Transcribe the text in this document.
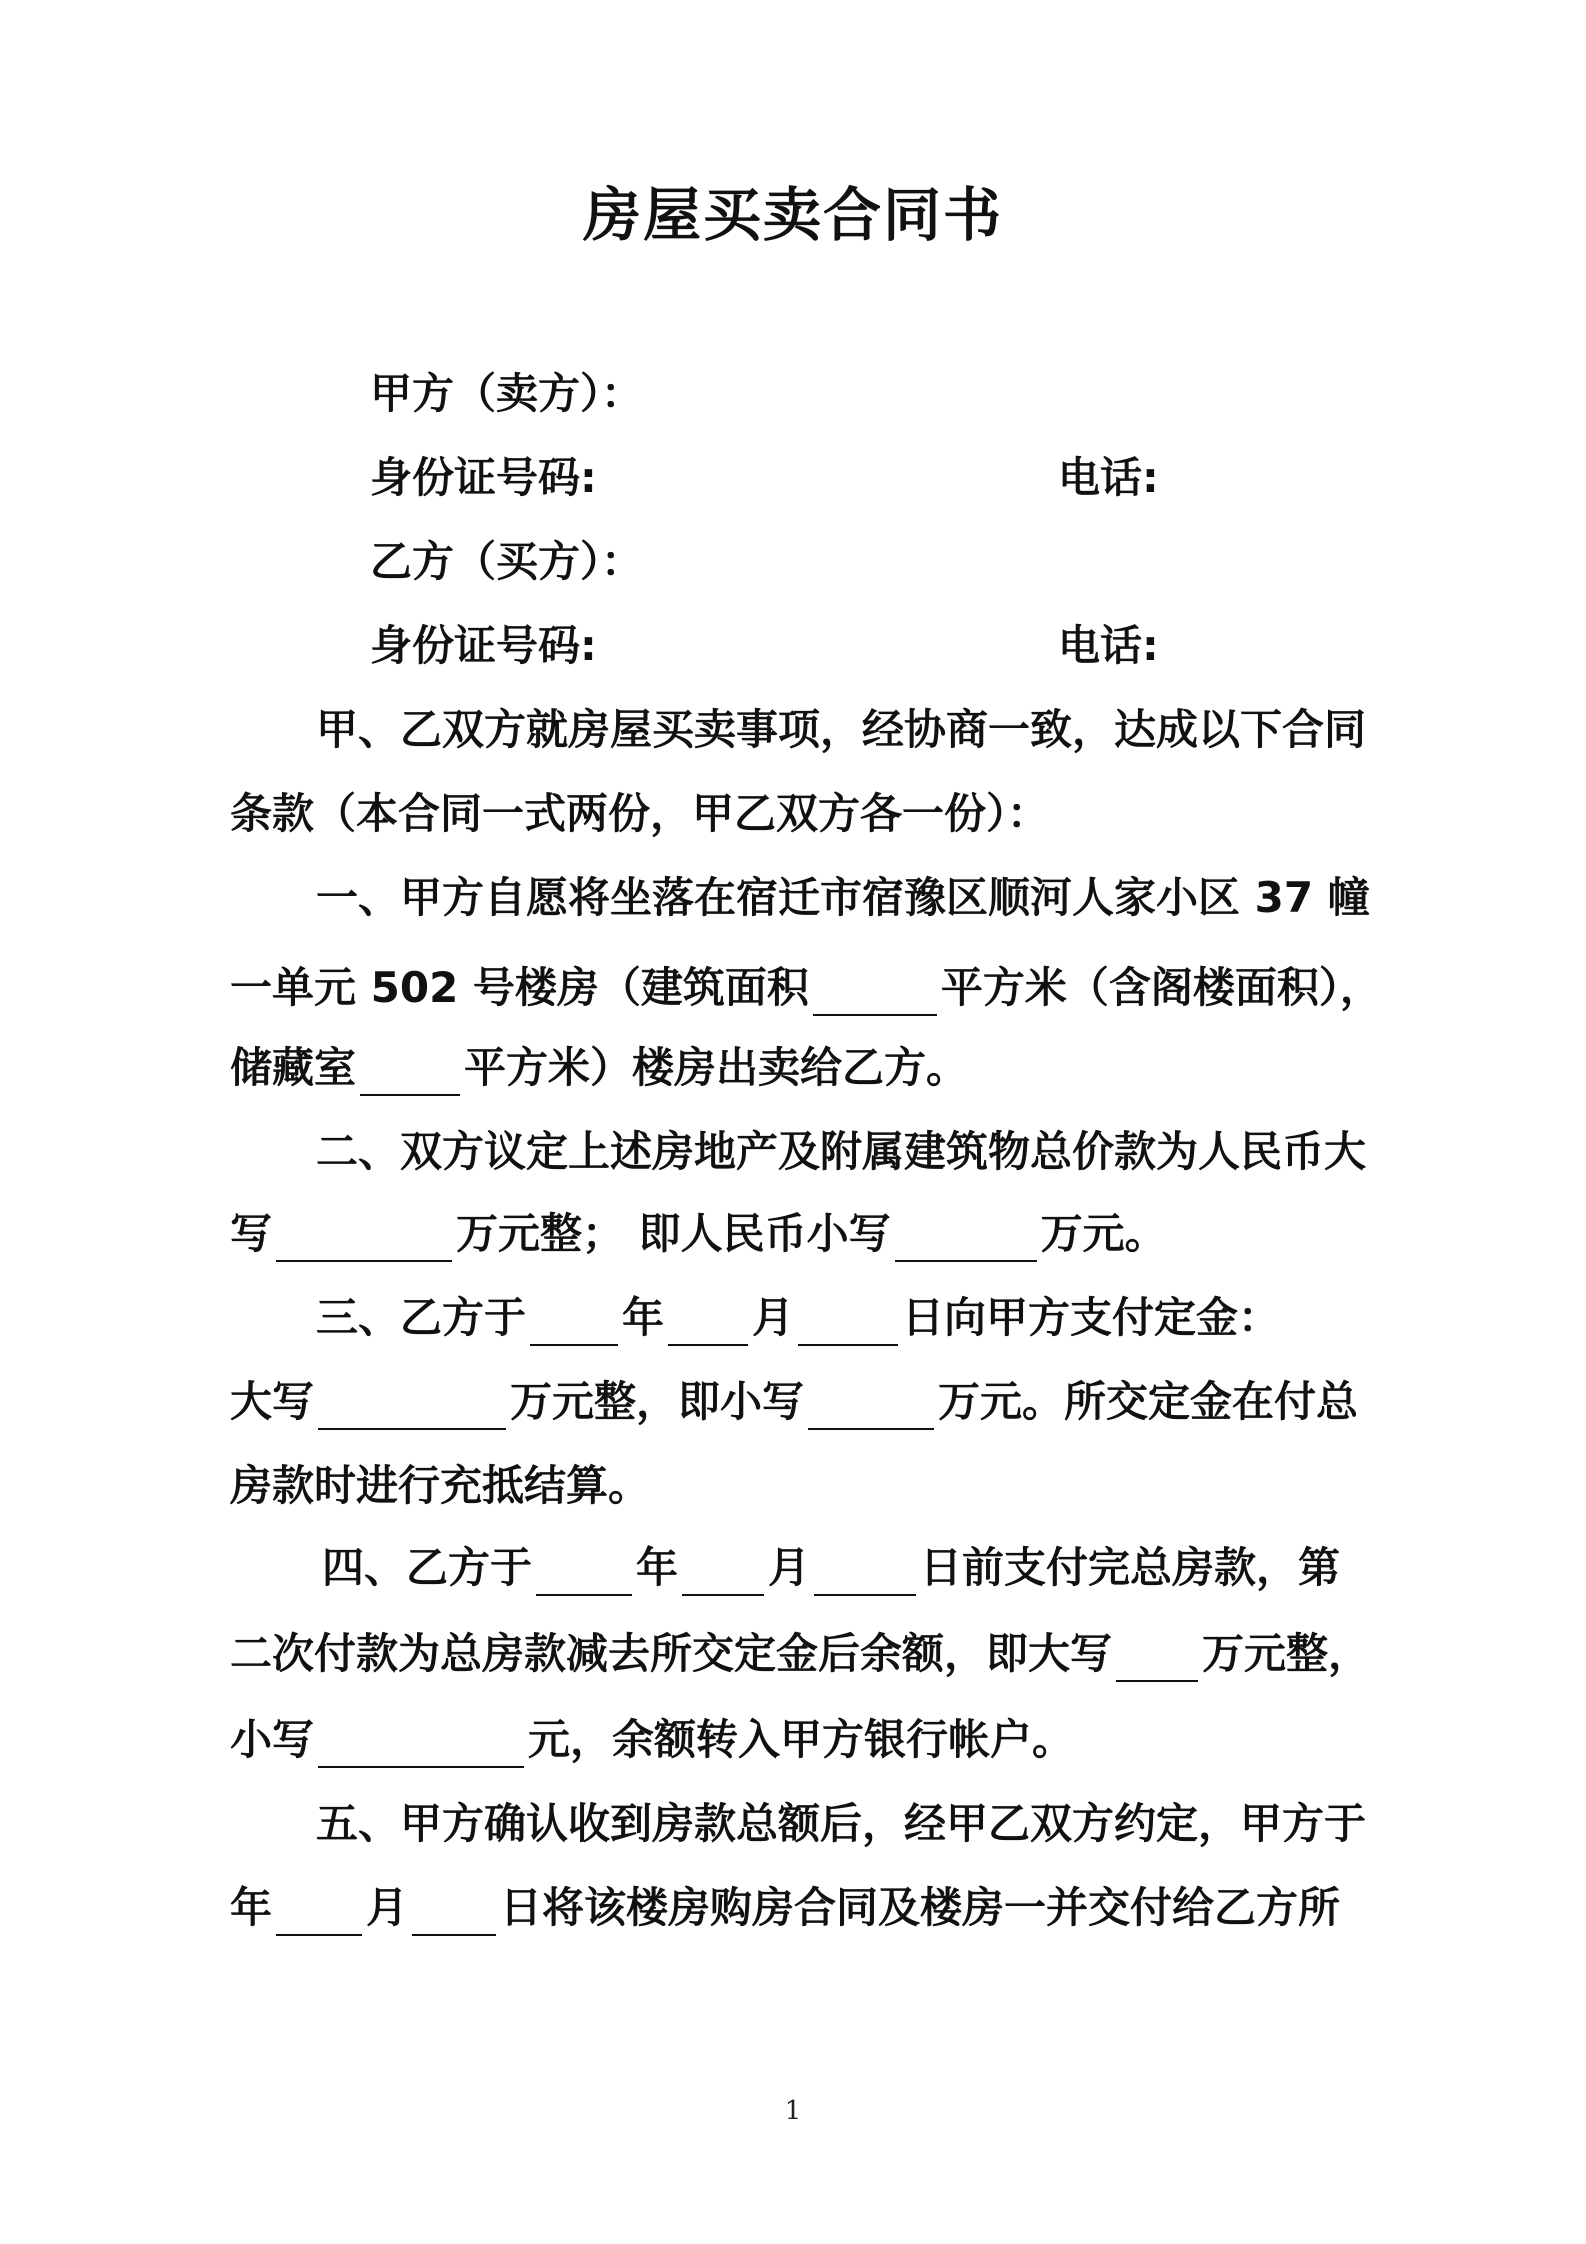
房屋买卖合同书
甲方（卖方）：
身份证号码:	电话:
乙方（买方）：
身份证号码:	电话:
甲、乙双方就房屋买卖事项，经协商一致，达成以下合同
条款（本合同一式两份，甲乙双方各一份）：
一、甲方自愿将坐落在宿迁市宿豫区顺河人家小区 37 幢
一单元 502 号楼房（建筑面积	平方米（含阁楼面积），
储藏室	平方米）楼房出卖给乙方。
二、双方议定上述房地产及附属建筑物总价款为人民币大
写	万元整； 即人民币小写	万元。
三、乙方于 年 月	日向甲方支付定金：
大写	万元整，即小写	万元。所交定金在付总
房款时进行充抵结算。
四、乙方于 年 月	日前支付完总房款，第
二次付款为总房款减去所交定金后余额，即大写 万元整，
小写	元，余额转入甲方银行帐户。
五、甲方确认收到房款总额后，经甲乙双方约定，甲方于
年 月 日将该楼房购房合同及楼房一并交付给乙方所
1
